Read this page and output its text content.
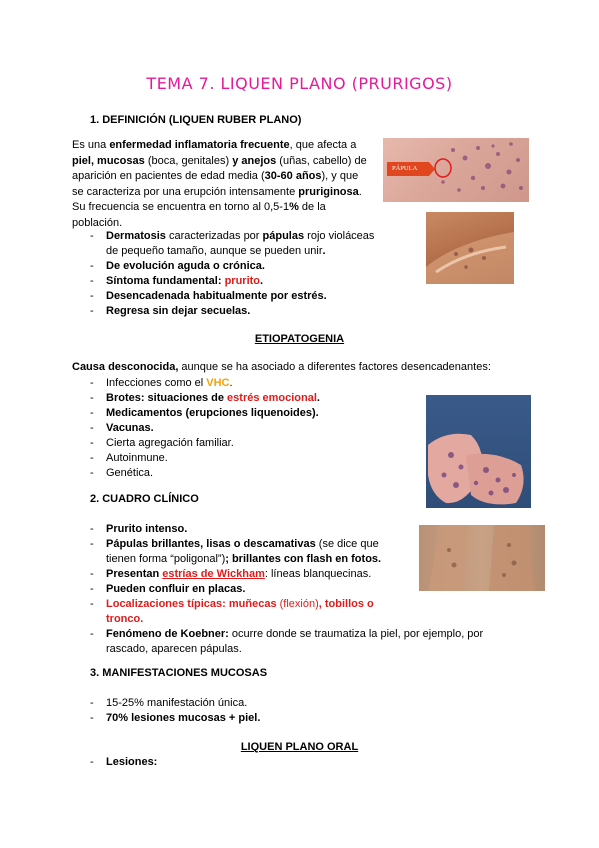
TEMA 7. LIQUEN PLANO (PRURIGOS)
1. DEFINICIÓN (LIQUEN RUBER PLANO)
Es una enfermedad inflamatoria frecuente, que afecta a piel, mucosas (boca, genitales) y anejos (uñas, cabello) de aparición en pacientes de edad media (30-60 años), y que se caracteriza por una erupción intensamente pruriginosa. Su frecuencia se encuentra en torno al 0,5-1% de la población.
- Dermatosis caracterizadas por pápulas rojo violáceas de pequeño tamaño, aunque se pueden unir.
- De evolución aguda o crónica.
- Síntoma fundamental: prurito.
- Desencadenada habitualmente por estrés.
- Regresa sin dejar secuelas.
PÁPULA
ETIOPATOGENIA
Causa desconocida, aunque se ha asociado a diferentes factores desencadenantes:
- Infecciones como el VHC.
- Brotes: situaciones de estrés emocional.
- Medicamentos (erupciones liquenoides).
- Vacunas.
- Cierta agregación familiar.
- Autoinmune.
- Genética.
2. CUADRO CLÍNICO
- Prurito intenso.
- Pápulas brillantes, lisas o descamativas (se dice que tienen forma “poligonal”); brillantes con flash en fotos.
- Presentan estrías de Wickham: líneas blanquecinas.
- Pueden confluir en placas.
- Localizaciones típicas: muñecas (flexión), tobillos o tronco.
- Fenómeno de Koebner: ocurre donde se traumatiza la piel, por ejemplo, por rascado, aparecen pápulas.
3. MANIFESTACIONES MUCOSAS
- 15-25% manifestación única.
- 70% lesiones mucosas + piel.
LIQUEN PLANO ORAL
- Lesiones:
